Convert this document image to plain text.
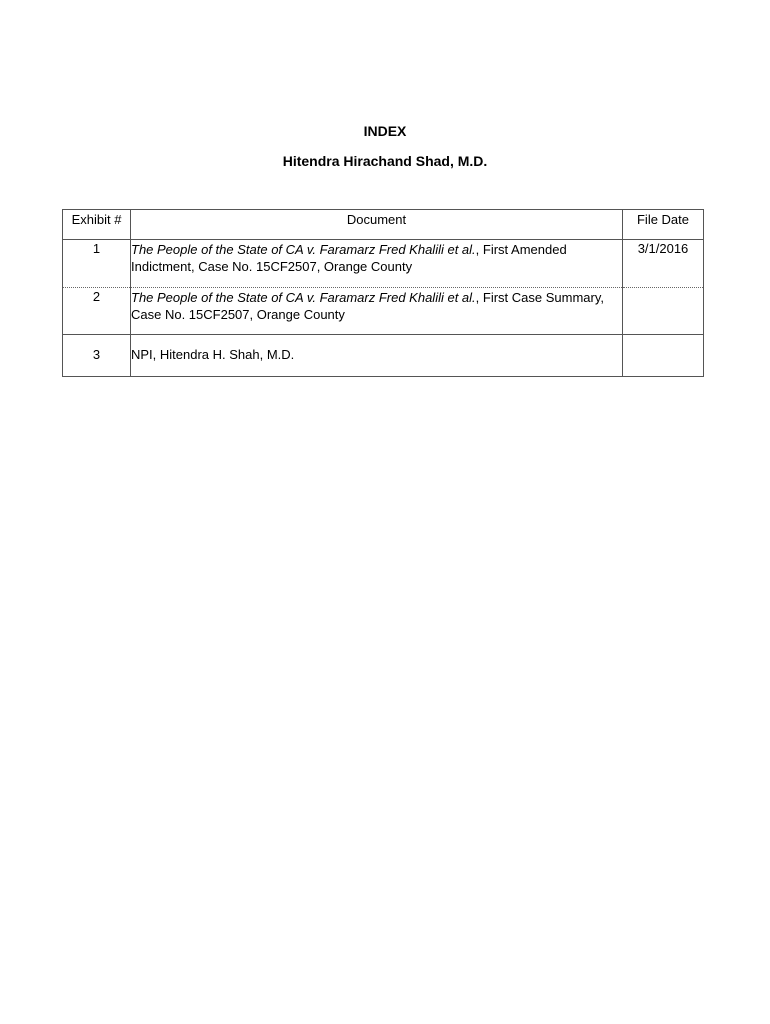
INDEX
Hitendra Hirachand Shad, M.D.
Exhibit #	Document	File Date
1	The People of the State of CA v. Faramarz Fred Khalili et al., First Amended Indictment, Case No. 15CF2507, Orange County	3/1/2016
2	The People of the State of CA v. Faramarz Fred Khalili et al., First Case Summary, Case No. 15CF2507, Orange County	
3	NPI, Hitendra H. Shah, M.D.	
